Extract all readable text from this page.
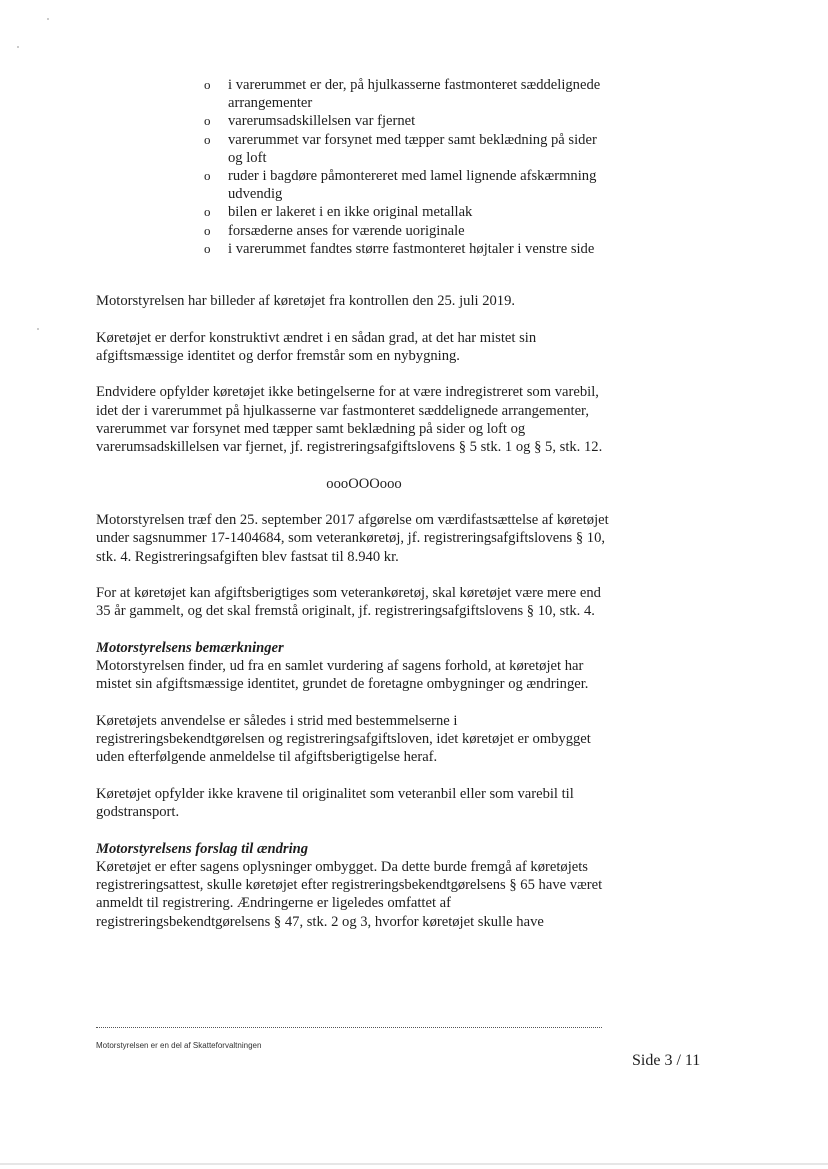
o i varerummet er der, på hjulkasserne fastmonteret sæddelignede arrangementer
o varerumsadskillelsen var fjernet
o varerummet var forsynet med tæpper samt beklædning på sider og loft
o ruder i bagdøre påmontereret med lamel lignende afskærmning udvendig
o bilen er lakeret i en ikke original metallak
o forsæderne anses for værende uoriginale
o i varerummet fandtes større fastmonteret højtaler i venstre side

Motorstyrelsen har billeder af køretøjet fra kontrollen den 25. juli 2019.

Køretøjet er derfor konstruktivt ændret i en sådan grad, at det har mistet sin afgiftsmæssige identitet og derfor fremstår som en nybygning.

Endvidere opfylder køretøjet ikke betingelserne for at være indregistreret som varebil, idet der i varerummet på hjulkasserne var fastmonteret sæddelignede arrangementer, varerummet var forsynet med tæpper samt beklædning på sider og loft og varerumsadskillelsen var fjernet, jf. registreringsafgiftslovens § 5 stk. 1 og § 5, stk. 12.

oooOOOooo

Motorstyrelsen træf den 25. september 2017 afgørelse om værdifastsættelse af køretøjet under sagsnummer 17-1404684, som veterankøretøj, jf. registreringsafgiftslovens § 10, stk. 4. Registreringsafgiften blev fastsat til 8.940 kr.

For at køretøjet kan afgiftsberigtiges som veterankøretøj, skal køretøjet være mere end 35 år gammelt, og det skal fremstå originalt, jf. registreringsafgiftslovens § 10, stk. 4.

Motorstyrelsens bemærkninger

Motorstyrelsen finder, ud fra en samlet vurdering af sagens forhold, at køretøjet har mistet sin afgiftsmæssige identitet, grundet de foretagne ombygninger og ændringer.

Køretøjets anvendelse er således i strid med bestemmelserne i registreringsbekendtgørelsen og registreringsafgiftsloven, idet køretøjet er ombygget uden efterfølgende anmeldelse til afgiftsberigtigelse heraf.

Køretøjet opfylder ikke kravene til originalitet som veteranbil eller som varebil til godstransport.

Motorstyrelsens forslag til ændring

Køretøjet er efter sagens oplysninger ombygget. Da dette burde fremgå af køretøjets registreringsattest, skulle køretøjet efter registreringsbekendtgørelsens § 65 have været anmeldt til registrering. Ændringerne er ligeledes omfattet af registreringsbekendtgørelsens § 47, stk. 2 og 3, hvorfor køretøjet skulle have

Motorstyrelsen er en del af Skatteforvaltningen
Side 3 / 11
